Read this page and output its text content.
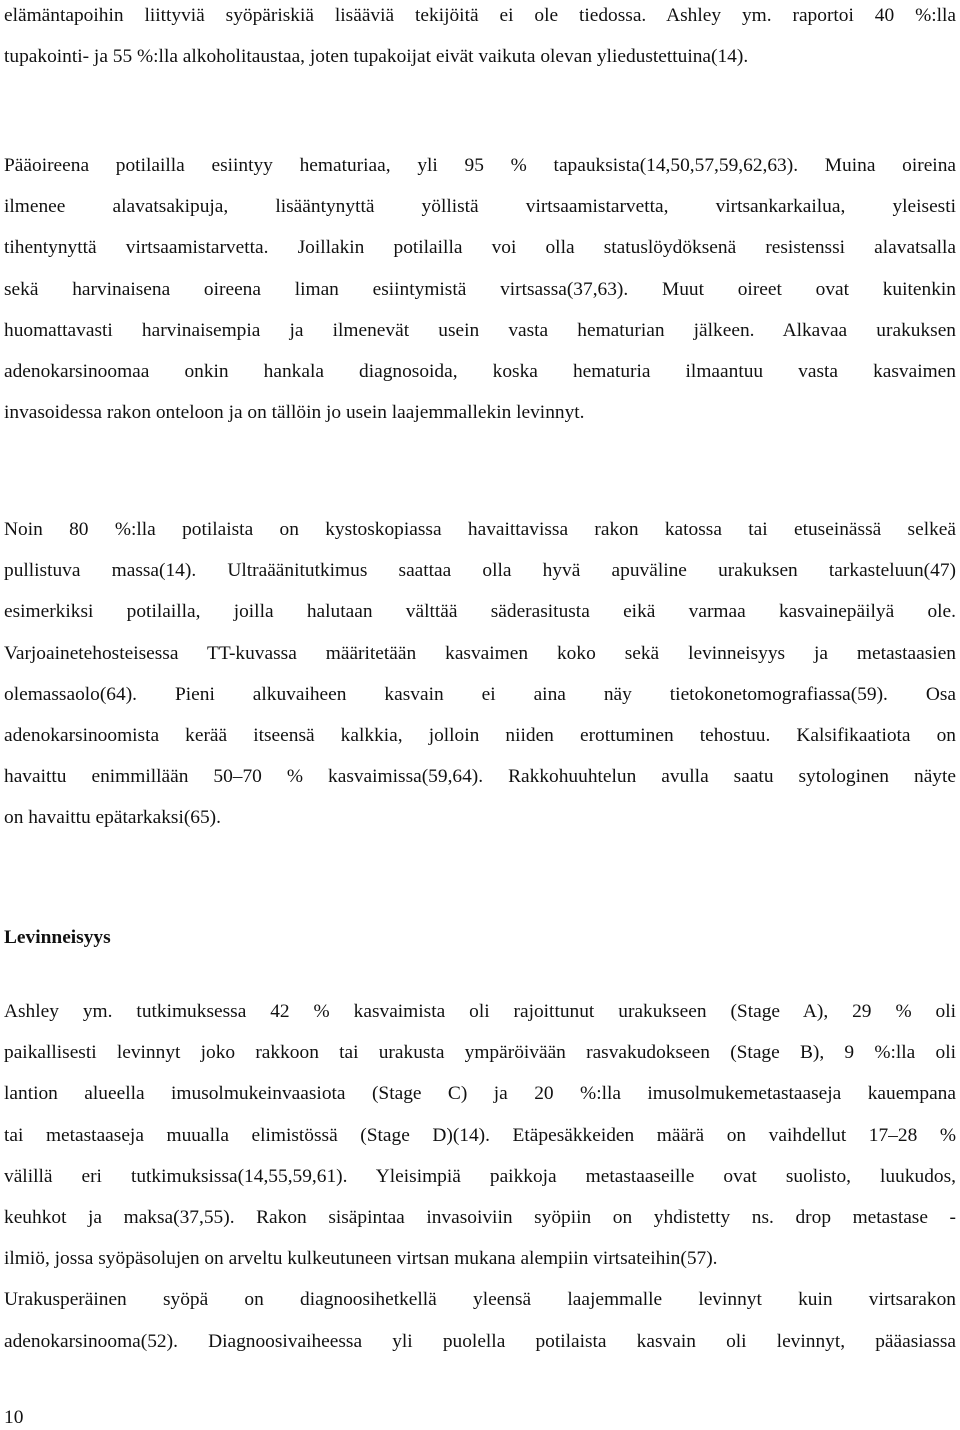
elämäntapoihin liittyviä syöpäriskiä lisääviä tekijöitä ei ole tiedossa. Ashley ym. raportoi 40 %:lla
tupakointi- ja 55 %:lla alkoholitaustaa, joten tupakoijat eivät vaikuta olevan yliedustettuina(14).
Pääoireena potilailla esiintyy hematuriaa, yli 95 % tapauksista(14,50,57,59,62,63). Muina oireina
ilmenee alavatsakipuja, lisääntynyttä yöllistä virtsaamistarvetta, virtsankarkailua, yleisesti
tihentynyttä virtsaamistarvetta. Joillakin potilailla voi olla statuslöydöksenä resistenssi alavatsalla
sekä harvinaisena oireena liman esiintymistä virtsassa(37,63). Muut oireet ovat kuitenkin
huomattavasti harvinaisempia ja ilmenevät usein vasta hematurian jälkeen. Alkavaa urakuksen
adenokarsinoomaa onkin hankala diagnosoida, koska hematuria ilmaantuu vasta kasvaimen
invasoidessa rakon onteloon ja on tällöin jo usein laajemmallekin levinnyt.
Noin 80 %:lla potilaista on kystoskopiassa havaittavissa rakon katossa tai etuseinässä selkeä
pullistuva massa(14). Ultraäänitutkimus saattaa olla hyvä apuväline urakuksen tarkasteluun(47)
esimerkiksi potilailla, joilla halutaan välttää säderasitusta eikä varmaa kasvainepäilyä ole.
Varjoainetehosteisessa TT-kuvassa määritetään kasvaimen koko sekä levinneisyys ja metastaasien
olemassaolo(64). Pieni alkuvaiheen kasvain ei aina näy tietokonetomografiassa(59). Osa
adenokarsinoomista kerää itseensä kalkkia, jolloin niiden erottuminen tehostuu. Kalsifikaatiota on
havaittu enimmillään 50–70 % kasvaimissa(59,64). Rakkohuuhtelun avulla saatu sytologinen näyte
on havaittu epätarkaksi(65).
Levinneisyys
Ashley ym. tutkimuksessa 42 % kasvaimista oli rajoittunut urakukseen (Stage A), 29 % oli
paikallisesti levinnyt joko rakkoon tai urakusta ympäröivään rasvakudokseen (Stage B), 9 %:lla oli
lantion alueella imusolmukeinvaasiota (Stage C) ja 20 %:lla imusolmukemetastaaseja kauempana
tai metastaaseja muualla elimistössä (Stage D)(14). Etäpesäkkeiden määrä on vaihdellut 17–28 %
välillä eri tutkimuksissa(14,55,59,61). Yleisimpiä paikkoja metastaaseille ovat suolisto, luukudos,
keuhkot ja maksa(37,55). Rakon sisäpintaa invasoiviin syöpiin on yhdistetty ns. drop metastase -
ilmiö, jossa syöpäsolujen on arveltu kulkeutuneen virtsan mukana alempiin virtsateihin(57).
Urakusperäinen syöpä on diagnoosihetkellä yleensä laajemmalle levinnyt kuin virtsarakon
adenokarsinooma(52). Diagnoosivaiheessa yli puolella potilaista kasvain oli levinnyt, pääasiassa
10
